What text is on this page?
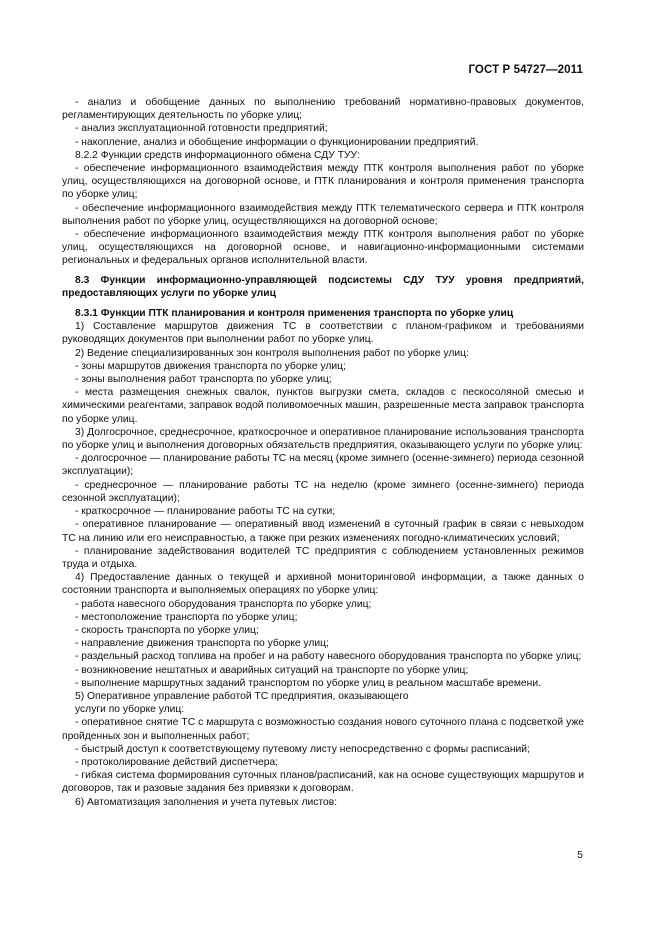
ГОСТ Р 54727—2011

- анализ и обобщение данных по выполнению требований нормативно-правовых документов, регламентирующих деятельность по уборке улиц;

- анализ эксплуатационной готовности предприятий;

- накопление, анализ и обобщение информации о функционировании предприятий.

8.2.2 Функции средств информационного обмена СДУ ТУУ:

- обеспечение информационного взаимодействия между ПТК контроля выполнения работ по уборке улиц, осуществляющихся на договорной основе, и ПТК планирования и контроля применения транспорта по уборке улиц;

- обеспечение информационного взаимодействия между ПТК телематического сервера и ПТК контроля выполнения работ по уборке улиц, осуществляющихся на договорной основе;

- обеспечение информационного взаимодействия между ПТК контроля выполнения работ по уборке улиц, осуществляющихся на договорной основе, и навигационно-информационными системами региональных и федеральных органов исполнительной власти.

8.3 Функции информационно-управляющей подсистемы СДУ ТУУ уровня предприятий, предоставляющих услуги по уборке улиц

8.3.1 Функции ПТК планирования и контроля применения транспорта по уборке улиц

1) Составление маршрутов движения ТС в соответствии с планом-графиком и требованиями руководящих документов при выполнении работ по уборке улиц.

2) Ведение специализированных зон контроля выполнения работ по уборке улиц:

- зоны маршрутов движения транспорта по уборке улиц;

- зоны выполнения работ транспорта по уборке улиц;

- места размещения снежных свалок, пунктов выгрузки смета, складов с пескосоляной смесью и химическими реагентами, заправок водой поливомоечных машин, разрешенные места заправок транспорта по уборке улиц.

3) Долгосрочное, среднесрочное, краткосрочное и оперативное планирование использования транспорта по уборке улиц и выполнения договорных обязательств предприятия, оказывающего услуги по уборке улиц:

- долгосрочное — планирование работы ТС на месяц (кроме зимнего (осенне-зимнего) периода сезонной эксплуатации);

- среднесрочное — планирование работы ТС на неделю (кроме зимнего (осенне-зимнего) периода сезонной эксплуатации);

- краткосрочное — планирование работы ТС на сутки;

- оперативное планирование — оперативный ввод изменений в суточный график в связи с невыходом ТС на линию или его неисправностью, а также при резких изменениях погодно-климатических условий;

- планирование задействования водителей ТС предприятия с соблюдением установленных режимов труда и отдыха.

4) Предоставление данных о текущей и архивной мониторинговой информации, а также данных о состоянии транспорта и выполняемых операциях по уборке улиц:

- работа навесного оборудования транспорта по уборке улиц;

- местоположение транспорта по уборке улиц;

- скорость транспорта по уборке улиц;

- направление движения транспорта по уборке улиц;

- раздельный расход топлива на пробег и на работу навесного оборудования транспорта по уборке улиц;

- возникновение нештатных и аварийных ситуаций на транспорте по уборке улиц;

- выполнение маршрутных заданий транспортом по уборке улиц в реальном масштабе времени.

5) Оперативное управление работой ТС предприятия, оказывающего

услуги по уборке улиц:

- оперативное снятие ТС с маршрута с возможностью создания нового суточного плана с подсветкой уже пройденных зон и выполненных работ;

- быстрый доступ к соответствующему путевому листу непосредственно с формы расписаний;

- протоколирование действий диспетчера;

- гибкая система формирования суточных планов/расписаний, как на основе существующих маршрутов и договоров, так и разовые задания без привязки к договорам.

6) Автоматизация заполнения и учета путевых листов:

5
